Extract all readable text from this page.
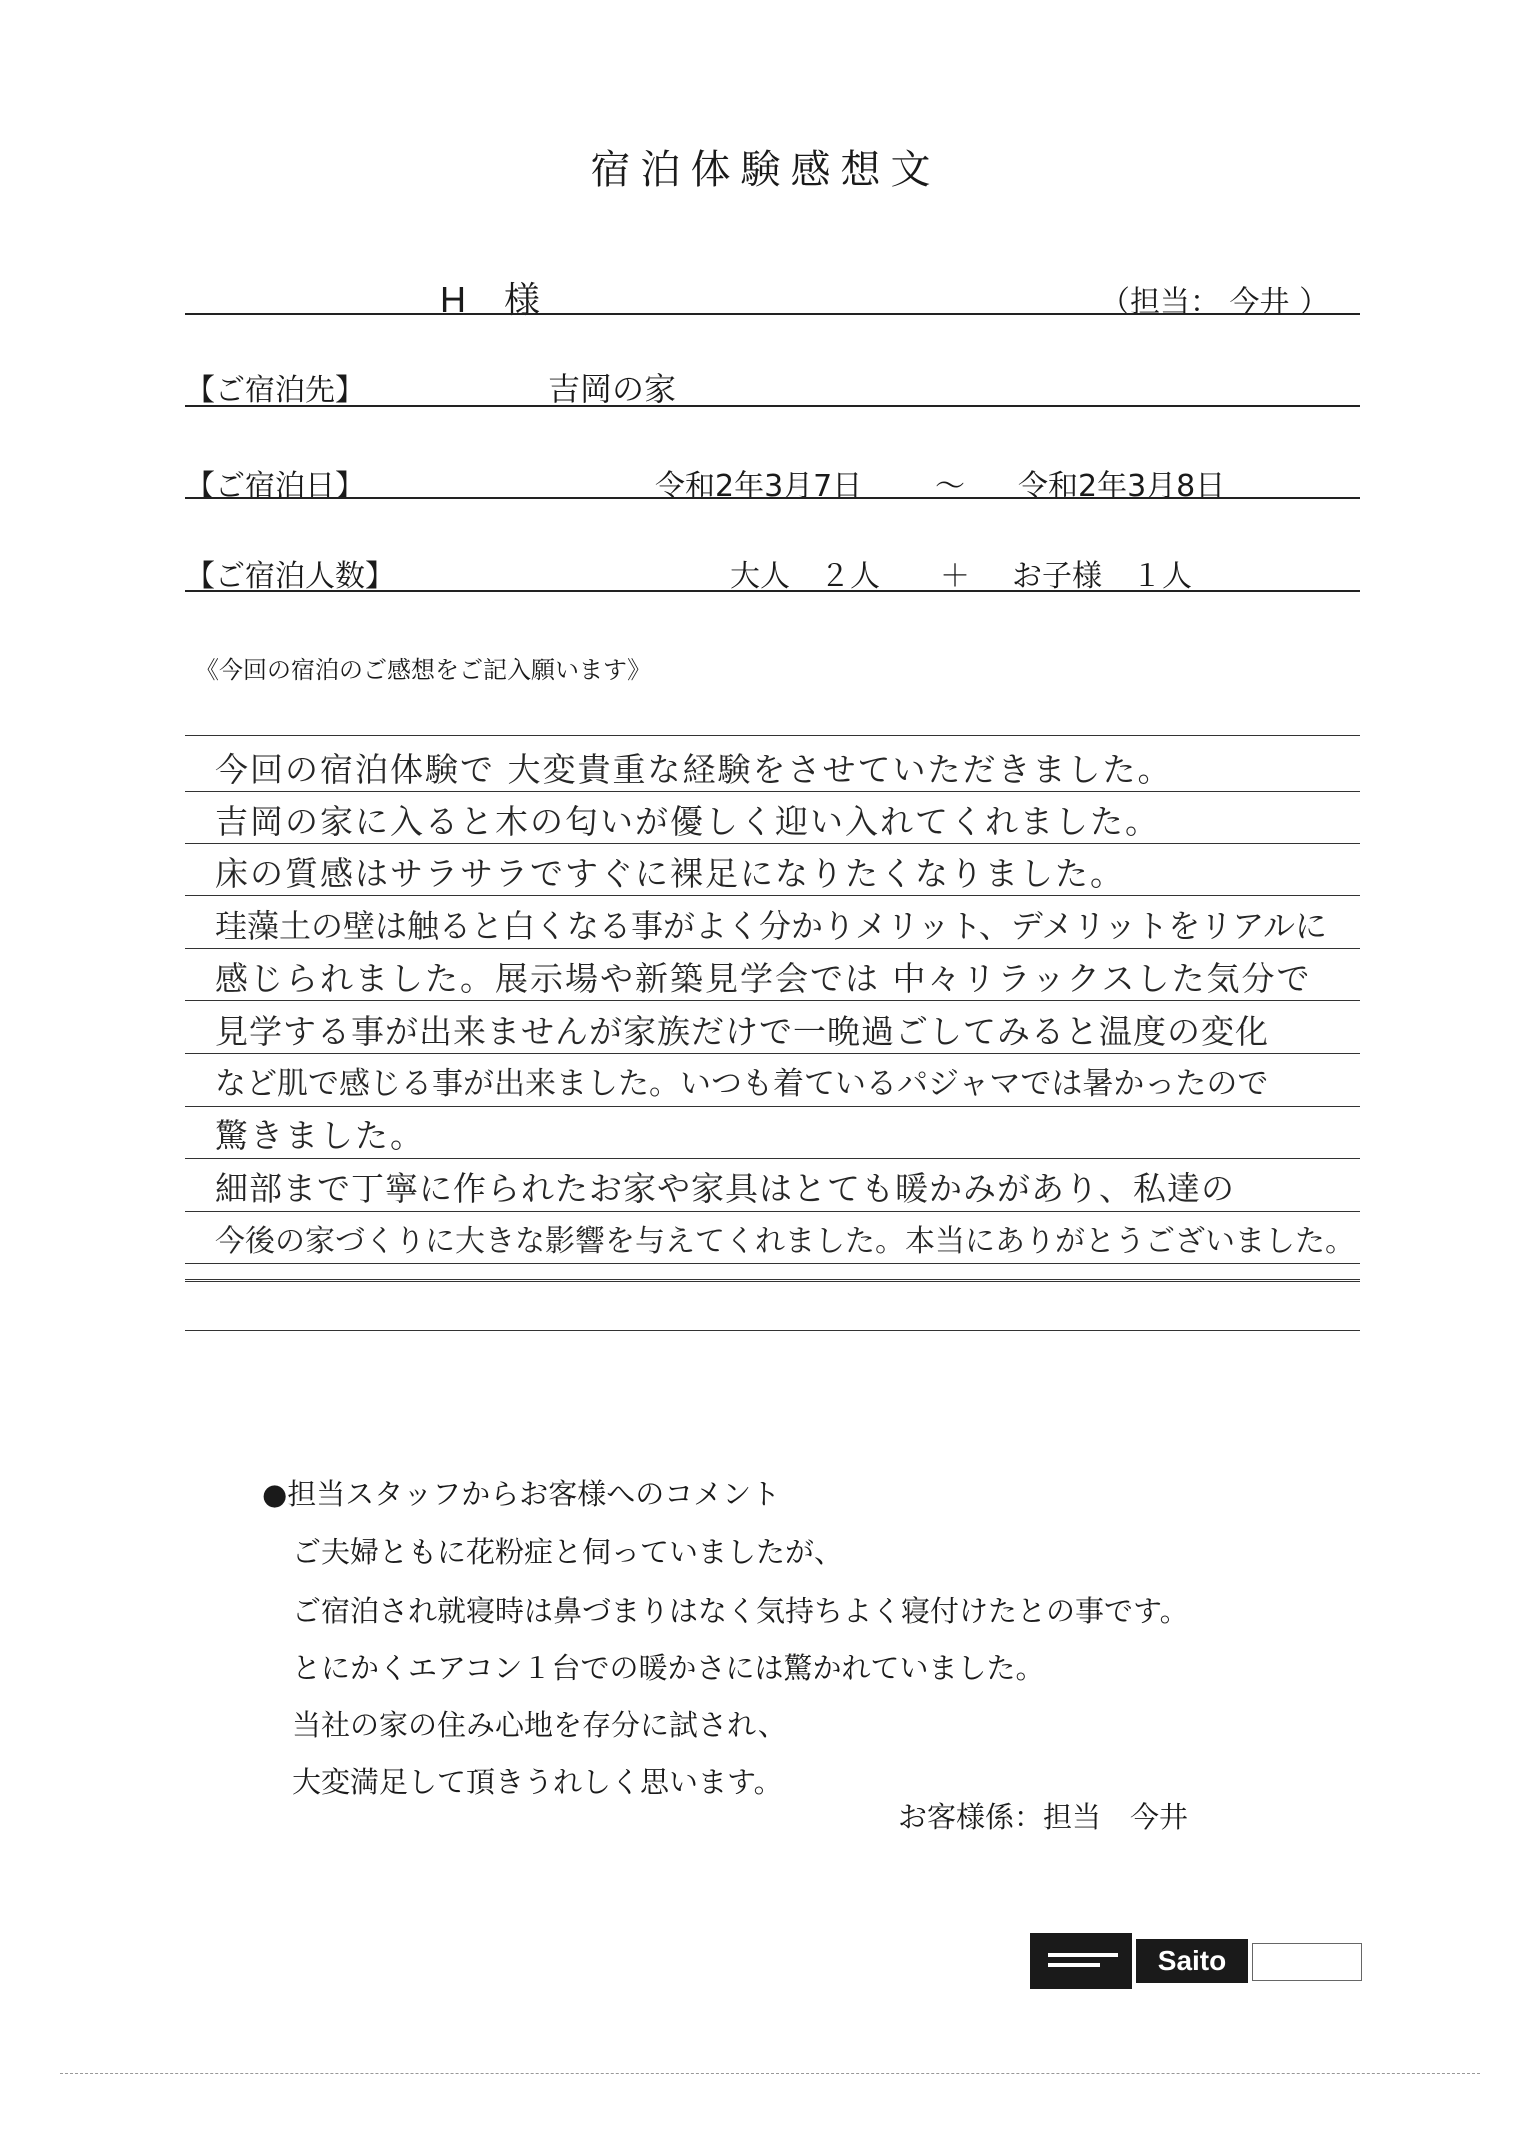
宿泊体験感想文
H 様	（担当： 今井 ）
【ご宿泊先】	吉岡の家
【ご宿泊日】	令和2年3月7日 ～ 令和2年3月8日
【ご宿泊人数】	大人　２人 ＋ お子様　１人
《今回の宿泊のご感想をご記入願います》
今回の宿泊体験で 大変貴重な経験をさせていただきました。
吉岡の家に入ると木の匂いが優しく迎い入れてくれました。
床の質感はサラサラですぐに裸足になりたくなりました。
珪藻土の壁は触ると白くなる事がよく分かりメリット、デメリットをリアルに
感じられました。展示場や新築見学会では 中々リラックスした気分で
見学する事が出来ませんが家族だけで一晩過ごしてみると温度の変化
など肌で感じる事が出来ました。いつも着ているパジャマでは暑かったので
驚きました。
細部まで丁寧に作られたお家や家具はとても暖かみがあり、私達の
今後の家づくりに大きな影響を与えてくれました。本当にありがとうございました。
●担当スタッフからお客様へのコメント
ご夫婦ともに花粉症と伺っていましたが、
ご宿泊され就寝時は鼻づまりはなく気持ちよく寝付けたとの事です。
とにかくエアコン１台での暖かさには驚かれていました。
当社の家の住み心地を存分に試され、
大変満足して頂きうれしく思います。
お客様係：担当　今井
Saito
